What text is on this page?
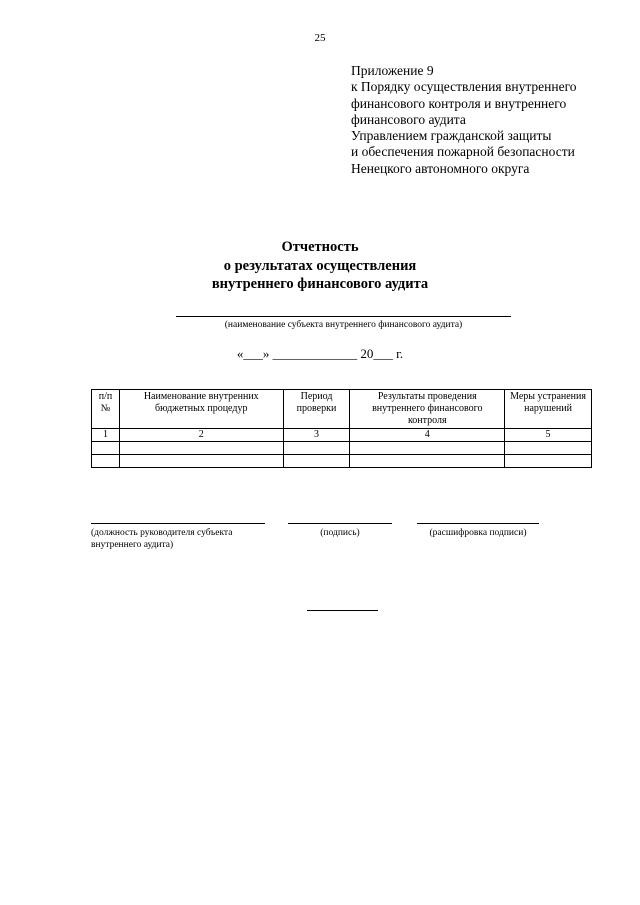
25
Приложение 9
к Порядку осуществления внутреннего
финансового контроля и внутреннего
финансового аудита
Управлением гражданской защиты
и обеспечения пожарной безопасности
Ненецкого автономного округа
Отчетность
о результатах осуществления
внутреннего финансового аудита
(наименование субъекта внутреннего финансового аудита)
«___» _____________ 20___ г.
п/п №	Наименование внутренних бюджетных процедур	Период проверки	Результаты проведения внутреннего финансового контроля	Меры устранения нарушений
1	2	3	4	5

(должность руководителя субъекта внутреннего аудита)
(подпись)	(расшифровка подписи)
